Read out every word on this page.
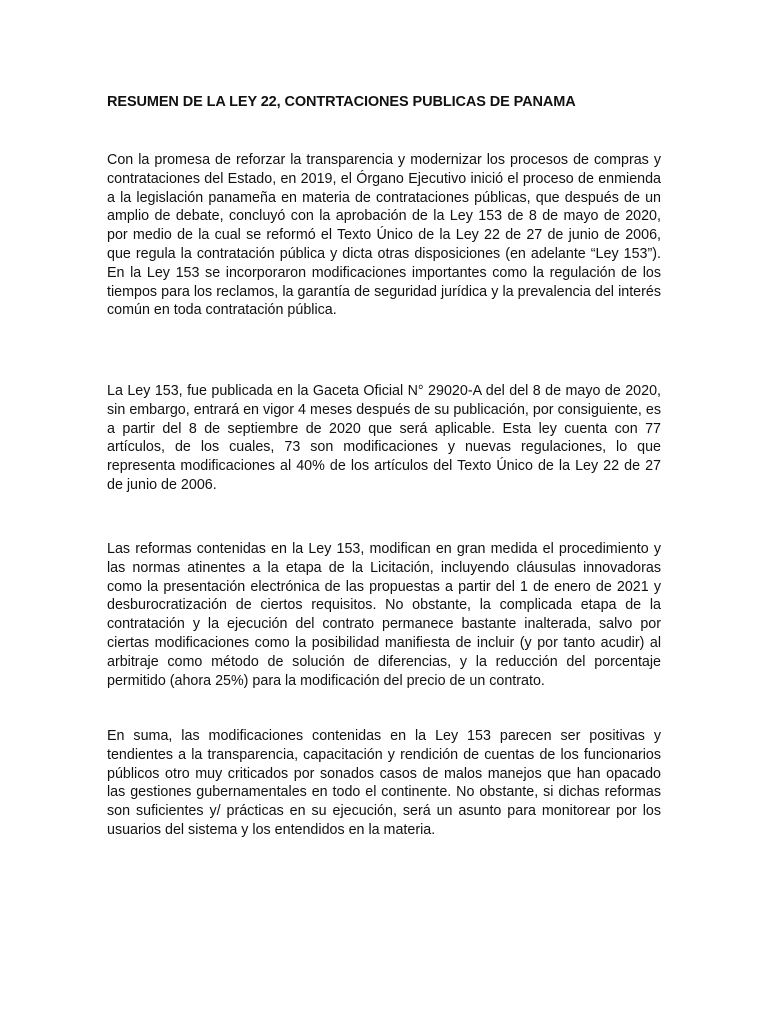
RESUMEN DE LA LEY 22, CONTRTACIONES PUBLICAS DE PANAMA

Con la promesa de reforzar la transparencia y modernizar los procesos de compras y contrataciones del Estado, en 2019, el Órgano Ejecutivo inició el proceso de enmienda a la legislación panameña en materia de contrataciones públicas, que después de un amplio de debate, concluyó con la aprobación de la Ley 153 de 8 de mayo de 2020, por medio de la cual se reformó el Texto Único de la Ley 22 de 27 de junio de 2006, que regula la contratación pública y dicta otras disposiciones (en adelante “Ley 153”). En la Ley 153 se incorporaron modificaciones importantes como la regulación de los tiempos para los reclamos, la garantía de seguridad jurídica y la prevalencia del interés común en toda contratación pública.

La Ley 153, fue publicada en la Gaceta Oficial N° 29020-A del del 8 de mayo de 2020, sin embargo, entrará en vigor 4 meses después de su publicación, por consiguiente, es a partir del 8 de septiembre de 2020 que será aplicable. Esta ley cuenta con 77 artículos, de los cuales, 73 son modificaciones y nuevas regulaciones, lo que representa modificaciones al 40% de los artículos del Texto Único de la Ley 22 de 27 de junio de 2006.

Las reformas contenidas en la Ley 153, modifican en gran medida el procedimiento y las normas atinentes a la etapa de la Licitación, incluyendo cláusulas innovadoras como la presentación electrónica de las propuestas a partir del 1 de enero de 2021 y desburocratización de ciertos requisitos. No obstante, la complicada etapa de la contratación y la ejecución del contrato permanece bastante inalterada, salvo por ciertas modificaciones como la posibilidad manifiesta de incluir (y por tanto acudir) al arbitraje como método de solución de diferencias, y la reducción del porcentaje permitido (ahora 25%) para la modificación del precio de un contrato.

En suma, las modificaciones contenidas en la Ley 153 parecen ser positivas y tendientes a la transparencia, capacitación y rendición de cuentas de los funcionarios públicos otro muy criticados por sonados casos de malos manejos que han opacado las gestiones gubernamentales en todo el continente. No obstante, si dichas reformas son suficientes y/ prácticas en su ejecución, será un asunto para monitorear por los usuarios del sistema y los entendidos en la materia.
